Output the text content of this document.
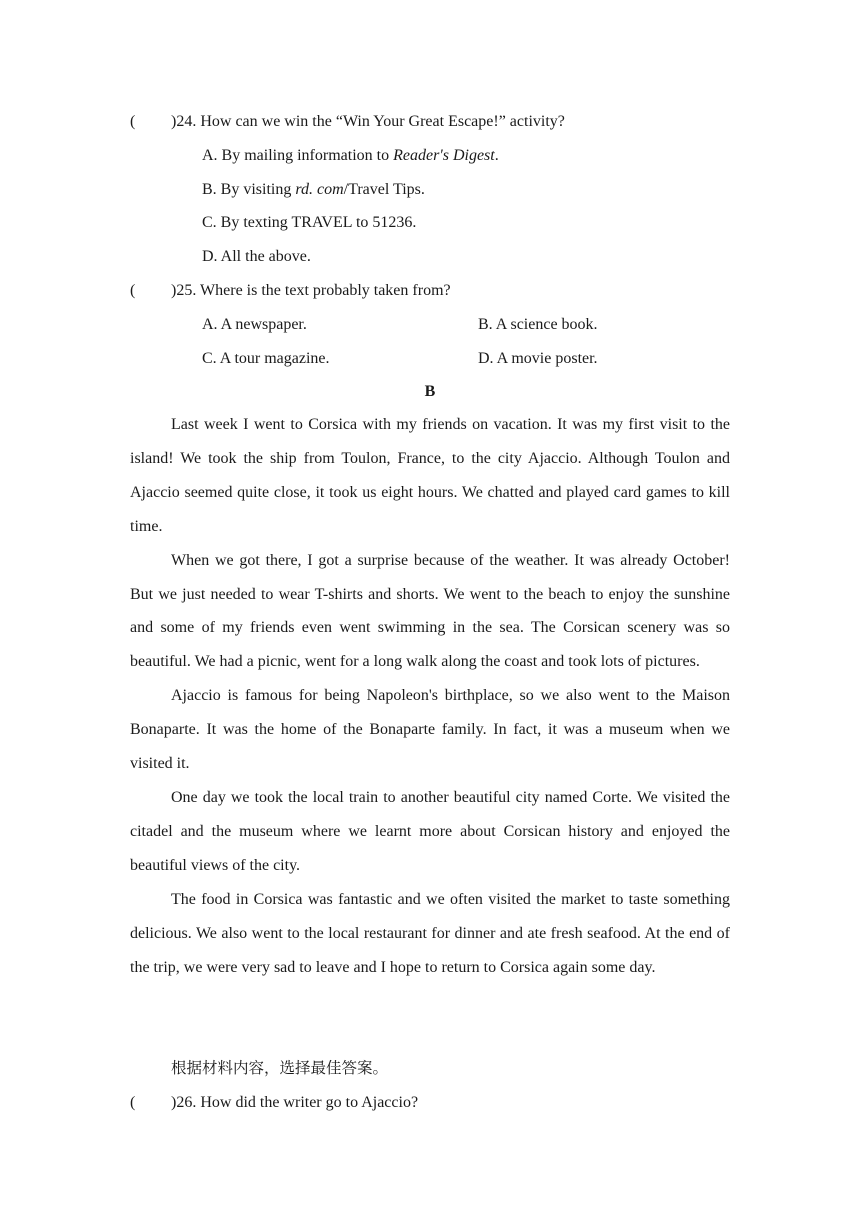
( )24. How can we win the “Win Your Great Escape!” activity?
A. By mailing information to Reader's Digest.
B. By visiting rd. com/Travel Tips.
C. By texting TRAVEL to 51236.
D. All the above.
( )25. Where is the text probably taken from?
A. A newspaper.	B. A science book.
C. A tour magazine.	D. A movie poster.
B

Last week I went to Corsica with my friends on vacation. It was my first visit to the island! We took the ship from Toulon, France, to the city Ajaccio. Although Toulon and Ajaccio seemed quite close, it took us eight hours. We chatted and played card games to kill time.

When we got there, I got a surprise because of the weather. It was already October! But we just needed to wear T-shirts and shorts. We went to the beach to enjoy the sunshine and some of my friends even went swimming in the sea. The Corsican scenery was so beautiful. We had a picnic, went for a long walk along the coast and took lots of pictures.

Ajaccio is famous for being Napoleon's birthplace, so we also went to the Maison Bonaparte. It was the home of the Bonaparte family. In fact, it was a museum when we visited it.

One day we took the local train to another beautiful city named Corte. We visited the citadel and the museum where we learnt more about Corsican history and enjoyed the beautiful views of the city.

The food in Corsica was fantastic and we often visited the market to taste something delicious. We also went to the local restaurant for dinner and ate fresh seafood. At the end of the trip, we were very sad to leave and I hope to return to Corsica again some day.

根据材料内容，选择最佳答案。
( )26. How did the writer go to Ajaccio?
